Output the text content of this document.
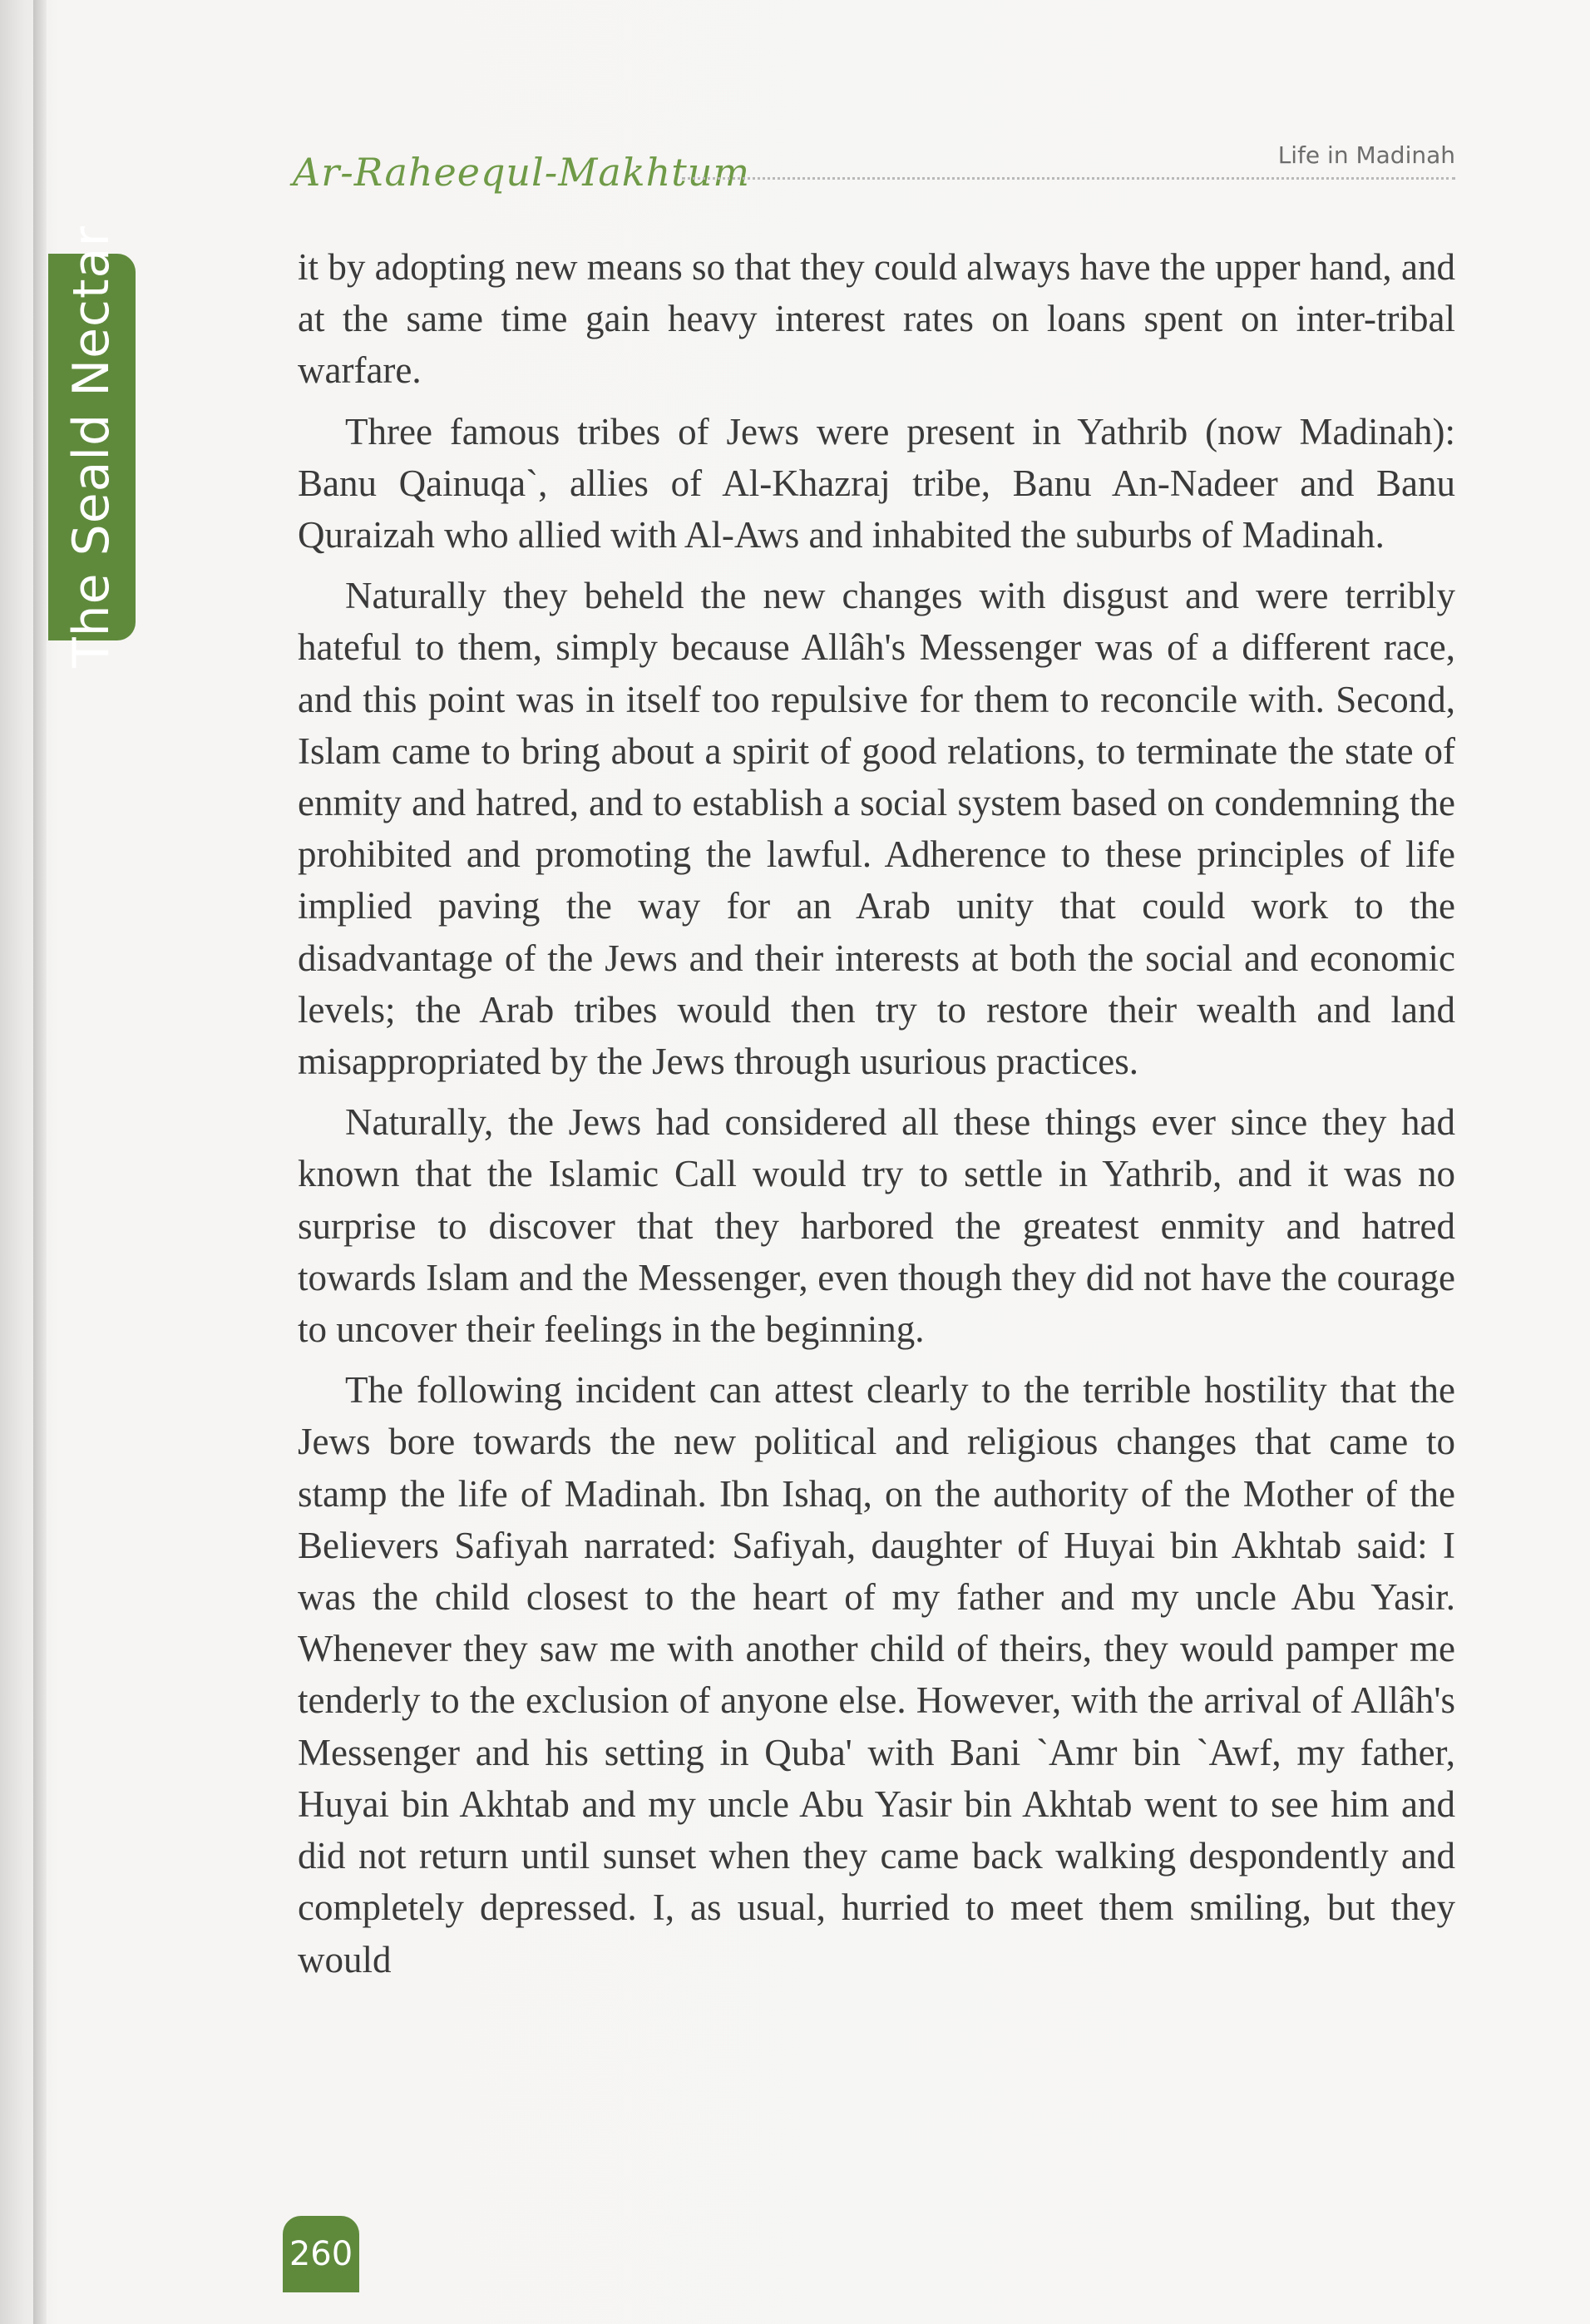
The Seald Nectar
Ar-Raheequl-Makhtum	Life in Madinah

it by adopting new means so that they could always have the upper hand, and at the same time gain heavy interest rates on loans spent on inter-tribal warfare.

Three famous tribes of Jews were present in Yathrib (now Madinah): Banu Qainuqa`, allies of Al-Khazraj tribe, Banu An-Nadeer and Banu Quraizah who allied with Al-Aws and inhabited the suburbs of Madinah.

Naturally they beheld the new changes with disgust and were terribly hateful to them, simply because Allâh's Messenger was of a different race, and this point was in itself too repulsive for them to reconcile with. Second, Islam came to bring about a spirit of good relations, to terminate the state of enmity and hatred, and to establish a social system based on condemning the prohibited and promoting the lawful. Adherence to these principles of life implied paving the way for an Arab unity that could work to the disadvantage of the Jews and their interests at both the social and economic levels; the Arab tribes would then try to restore their wealth and land misappropriated by the Jews through usurious practices.

Naturally, the Jews had considered all these things ever since they had known that the Islamic Call would try to settle in Yathrib, and it was no surprise to discover that they harbored the greatest enmity and hatred towards Islam and the Messenger, even though they did not have the courage to uncover their feelings in the beginning.

The following incident can attest clearly to the terrible hostility that the Jews bore towards the new political and religious changes that came to stamp the life of Madinah. Ibn Ishaq, on the authority of the Mother of the Believers Safiyah narrated: Safiyah, daughter of Huyai bin Akhtab said: I was the child closest to the heart of my father and my uncle Abu Yasir. Whenever they saw me with another child of theirs, they would pamper me tenderly to the exclusion of anyone else. However, with the arrival of Allâh's Messenger and his setting in Quba' with Bani `Amr bin `Awf, my father, Huyai bin Akhtab and my uncle Abu Yasir bin Akhtab went to see him and did not return until sunset when they came back walking despondently and completely depressed. I, as usual, hurried to meet them smiling, but they would

260
